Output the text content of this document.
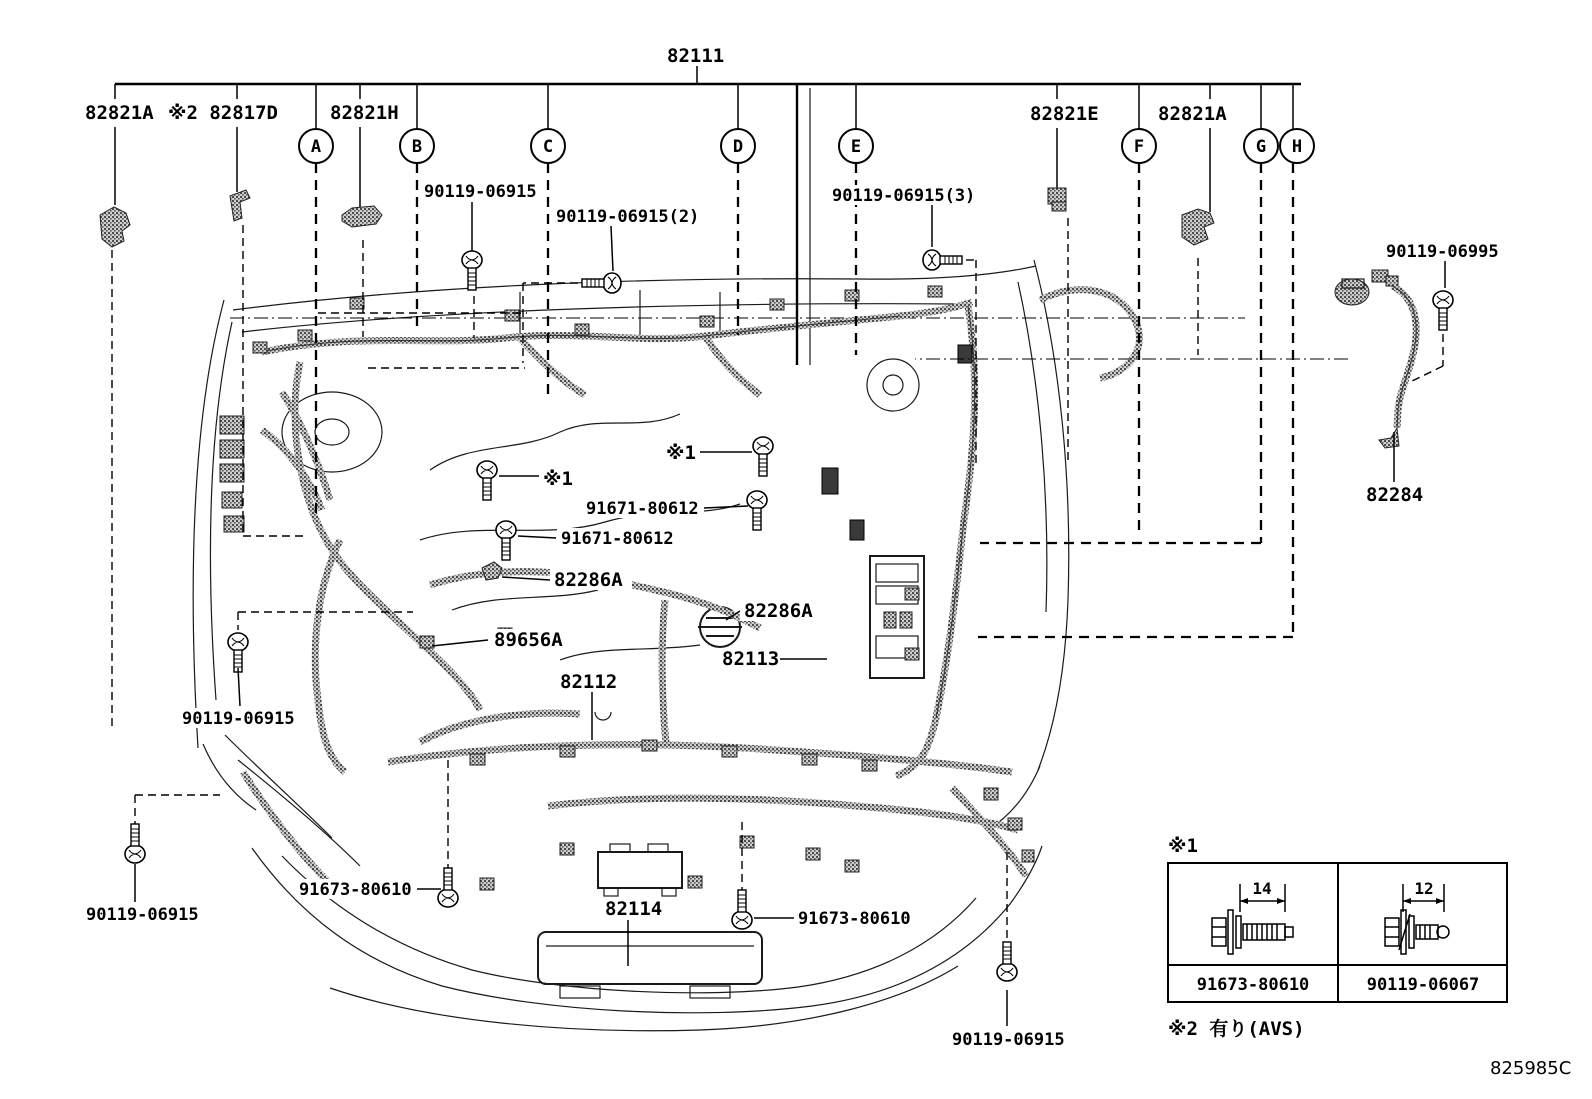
82111
82821A ※2 82817D	82821H	82821E	82821A
A	B	C	D	E	F	G H
90119-06915
90119-06915(2)
90119-06915(3)
90119-06995
82284
※1
※1
91671-80612
91671-80612
82286A
82286A
89656A
82113
82112
90119-06915
90119-06915
91673-80610
82114	91673-80610
90119-06915
※1
14	12
91673-80610	90119-06067
※2 有り(AVS)
825985C
